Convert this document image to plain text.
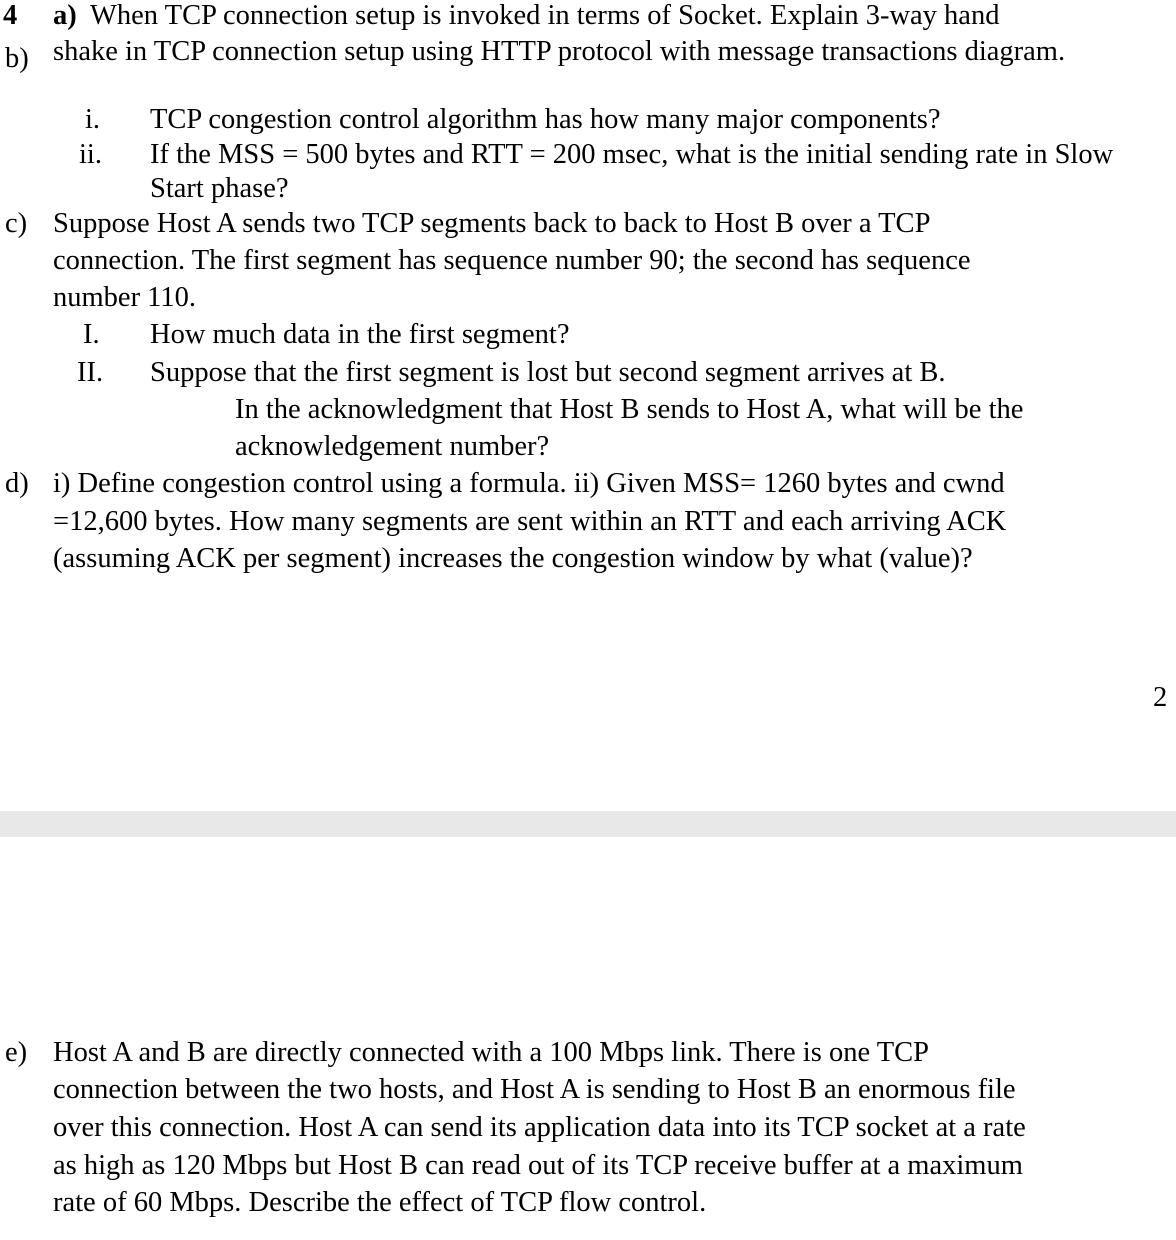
4 a) When TCP connection setup is invoked in terms of Socket. Explain 3-way hand
shake in TCP connection setup using HTTP protocol with message transactions diagram.
b)
i. TCP congestion control algorithm has how many major components?
ii. If the MSS = 500 bytes and RTT = 200 msec, what is the initial sending rate in Slow
Start phase?
c) Suppose Host A sends two TCP segments back to back to Host B over a TCP
connection. The first segment has sequence number 90; the second has sequence
number 110.
I. How much data in the first segment?
II. Suppose that the first segment is lost but second segment arrives at B.
In the acknowledgment that Host B sends to Host A, what will be the
acknowledgement number?
d) i) Define congestion control using a formula. ii) Given MSS= 1260 bytes and cwnd
=12,600 bytes. How many segments are sent within an RTT and each arriving ACK
(assuming ACK per segment) increases the congestion window by what (value)?
2
e) Host A and B are directly connected with a 100 Mbps link. There is one TCP
connection between the two hosts, and Host A is sending to Host B an enormous file
over this connection. Host A can send its application data into its TCP socket at a rate
as high as 120 Mbps but Host B can read out of its TCP receive buffer at a maximum
rate of 60 Mbps. Describe the effect of TCP flow control.
